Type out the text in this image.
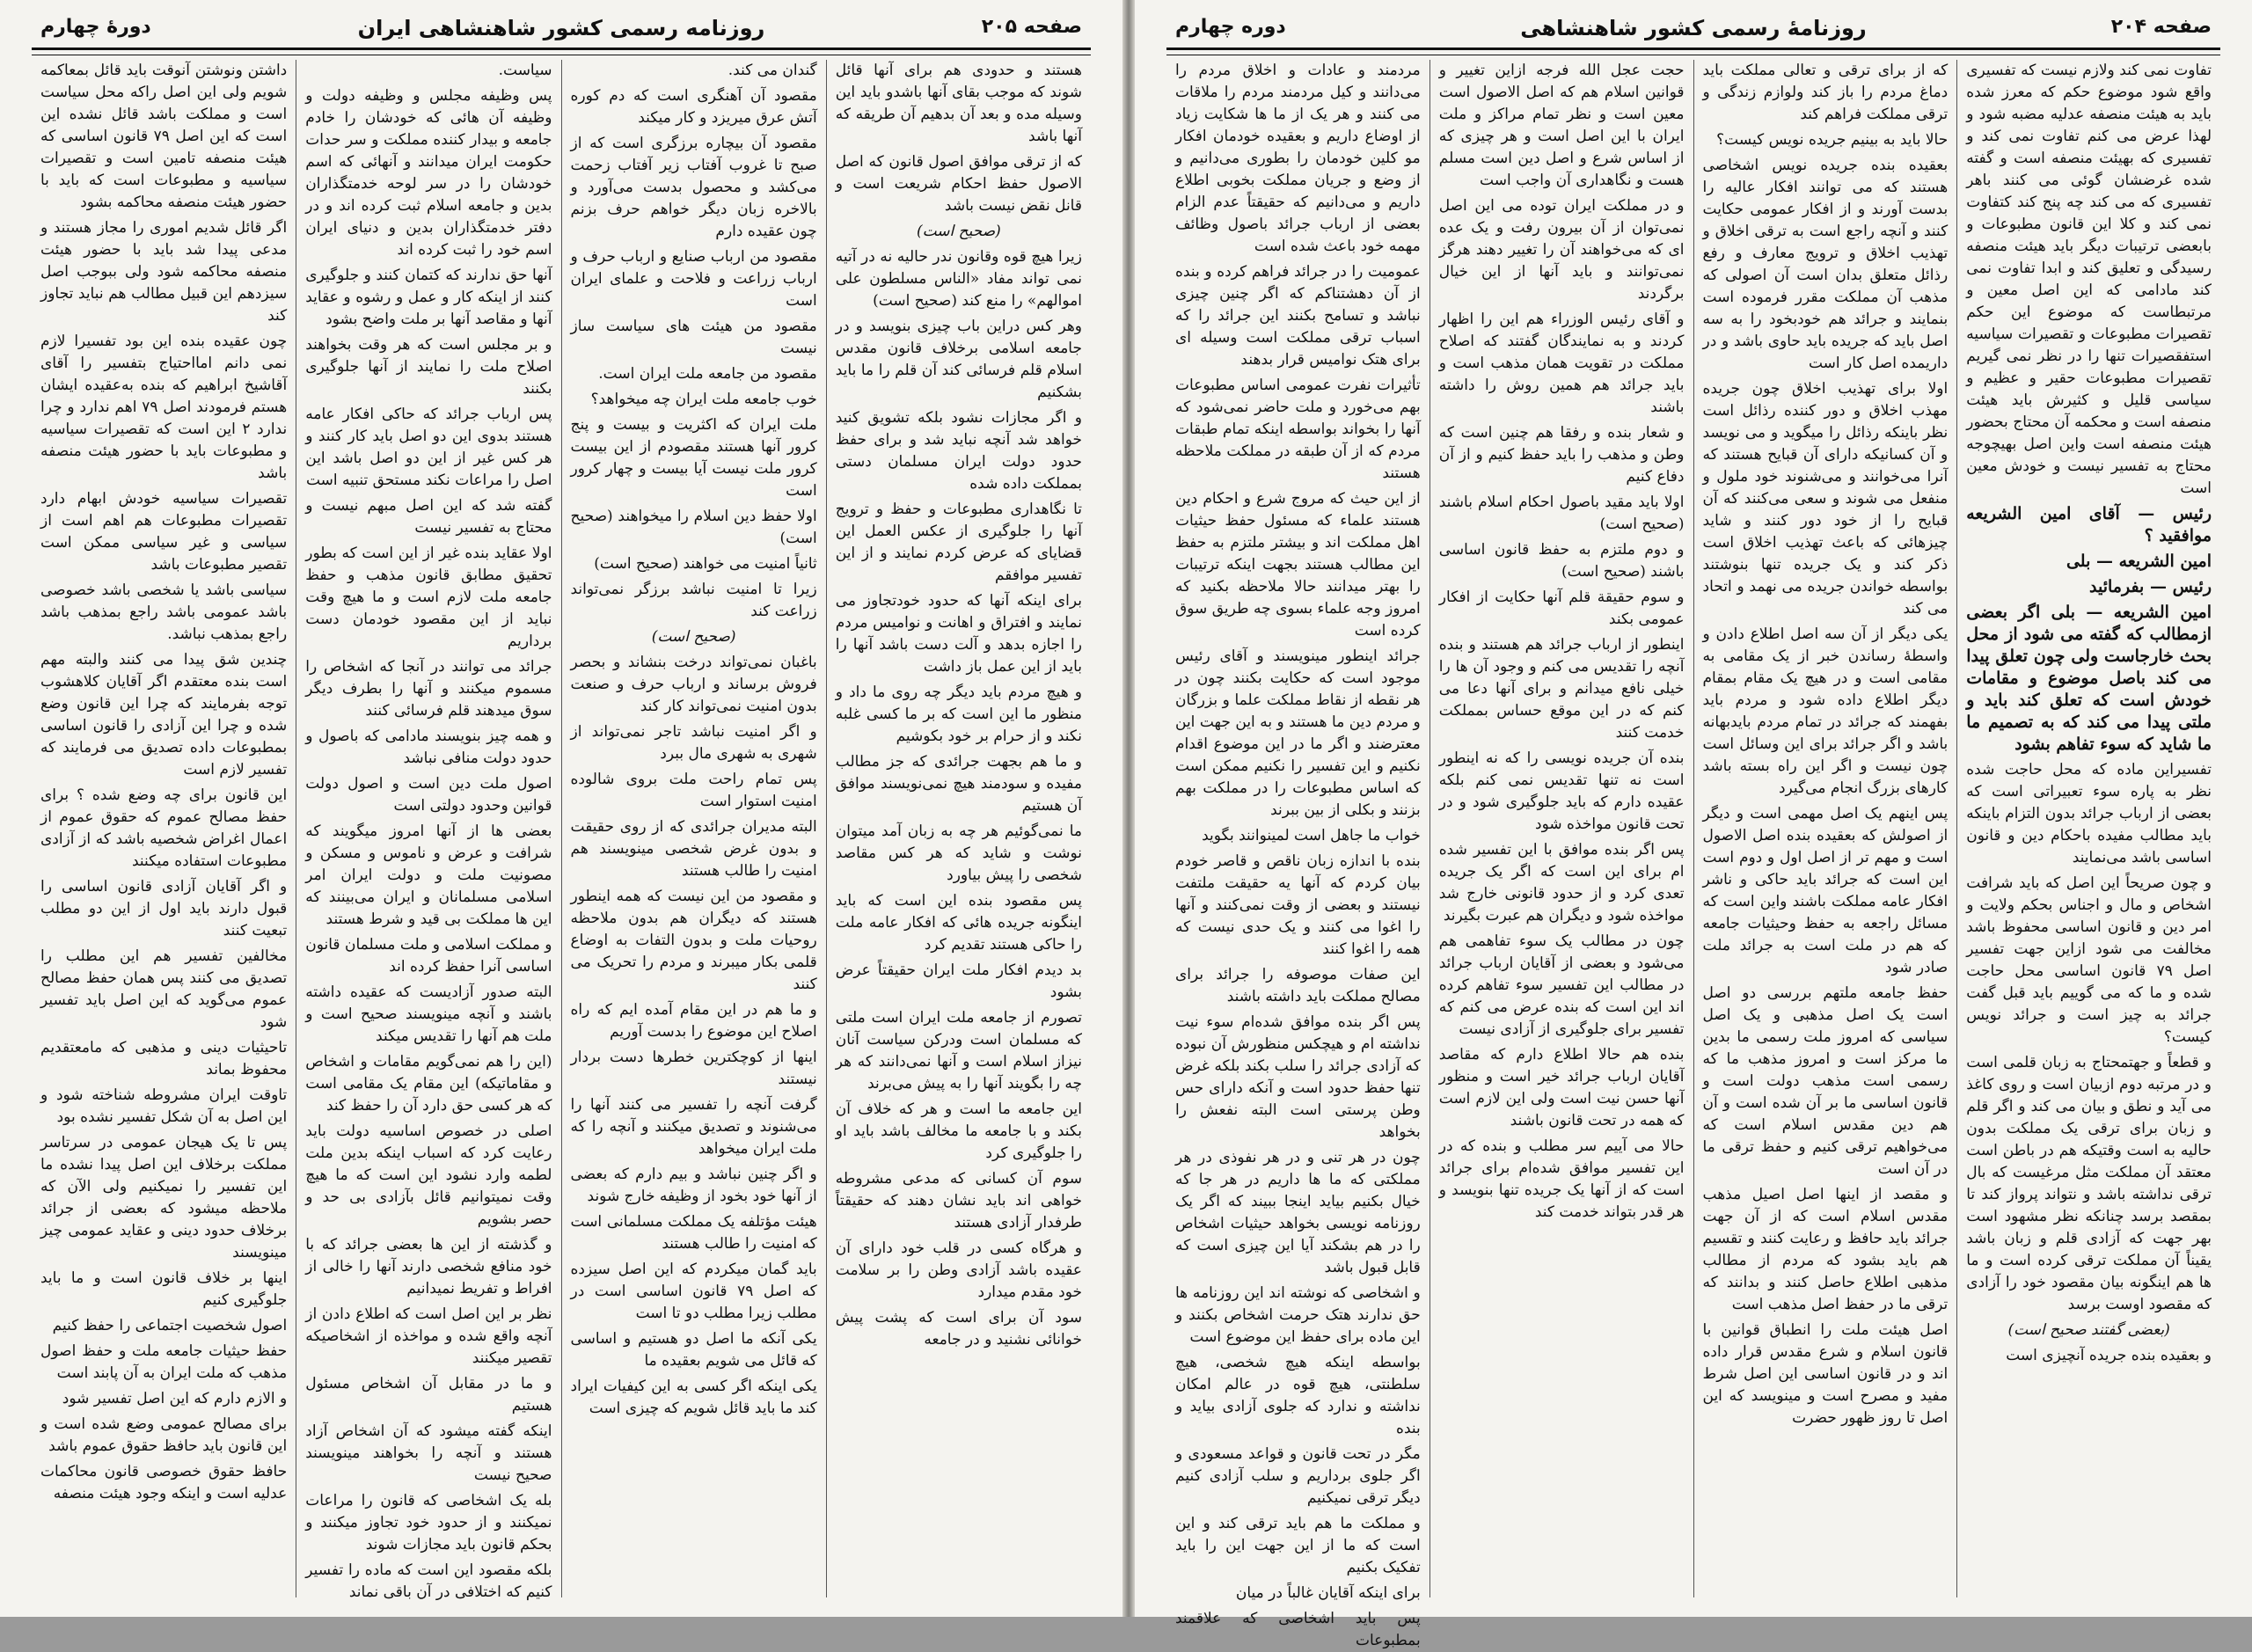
صفحه ۲۰۵
روزنامه رسمی کشور شاهنشاهی ایران
دورهٔ چهارم

هستند و حدودی هم برای آنها قائل شوند که موجب بقای آنها باشدو باید این وسیله مده و بعد آن بدهیم آن طریقه که آنها باشد

که از ترقی موافق اصول قانون که اصل الاصول حفظ احکام شریعت است و قانل نقض نیست باشد

(صحیح است)

زیرا هیچ قوه وقانون ندر حالیه نه در آتیه نمی تواند مفاد «الناس مسلطون علی اموالهم» را منع کند (صحیح است)

وهر کس دراین باب چیزی بنویسد و در جامعه اسلامی برخلاف قانون مقدس اسلام قلم فرسائی کند آن قلم را ما باید بشکنیم

و اگر مجازات نشود بلکه تشویق کنید خواهد شد آنچه نباید شد و برای حفظ حدود دولت ایران مسلمان دستی بمملکت داده شده

تا نگاهداری مطبوعات و حفظ و ترویج آنها را جلوگیری از عکس العمل این قضایای که عرض کردم نمایند و از این تفسیر موافقم

برای اینکه آنها که حدود خودتجاوز می نمایند و افتراق و اهانت و نوامیس مردم را اجازه بدهد و آلت دست باشد آنها را باید از این عمل باز داشت

و هیچ مردم باید دیگر چه روی ما داد و منظور ما این است که بر ما کسی غلبه نکند و از حرام بر خود بکوشیم

و ما هم بجهت جرائدی که جز مطالب مفیده و سودمند هیچ نمی‌نویسند موافق آن هستیم

ما نمی‌گوئیم هر چه به زبان آمد میتوان نوشت و شاید که هر کس مقاصد شخصی را پیش بیاورد

پس مقصود بنده این است که باید اینگونه جریده هائی که افکار عامه ملت را حاکی هستند تقدیم کرد

بد دیدم افکار ملت ایران حقیقتاً عرض بشود

تصورم از جامعه ملت ایران است ملتی که مسلمان است ودرکن سیاست آنان نیزاز اسلام است و آنها نمی‌دانند که هر چه را بگویند آنها را به پیش می‌برند

این جامعه ما است و هر که خلاف آن بکند و با جامعه ما مخالف باشد باید او را جلوگیری کرد

سوم آن کسانی که مدعی مشروطه خواهی اند باید نشان دهند که حقیقتاً طرفدار آزادی هستند

و هرگاه کسی در قلب خود دارای آن عقیده باشد آزادی وطن را بر سلامت خود مقدم میدارد

سود آن برای است که پشت پیش خوانائی نشنید و در جامعه

گندان می کند.

مقصود آن آهنگری است که دم کوره آتش عرق میریزد و کار میکند

مقصود آن بیچاره برزگری است که از صبح تا غروب آفتاب زیر آفتاب زحمت می‌کشد و محصول بدست می‌آورد و بالاخره زبان دیگر خواهم حرف بزنم چون عقیده دارم

مقصود من ارباب صنایع و ارباب حرف و ارباب زراعت و فلاحت و علمای ایران است

مقصود من هیئت های سیاست ساز نیست

مقصود من جامعه ملت ایران است.

خوب جامعه ملت ایران چه میخواهد؟

ملت ایران که اکثریت و بیست و پنج کرور آنها هستند مقصودم از این بیست کرور ملت نیست آیا بیست و چهار کرور است

اولا حفظ دین اسلام را میخواهند (صحیح است)

ثانیاً امنیت می خواهند (صحیح است)

زیرا تا امنیت نباشد برزگر نمی‌تواند زراعت کند

(صحیح است)

باغبان نمی‌تواند درخت بنشاند و بحصر فروش برساند و ارباب حرف و صنعت بدون امنیت نمی‌تواند کار کند

و اگر امنیت نباشد تاجر نمی‌تواند از شهری به شهری مال ببرد

پس تمام راحت ملت بروی شالوده امنیت استوار است

البته مدیران جرائدی که از روی حقیقت و بدون غرض شخصی مینویسند هم امنیت را طالب هستند

و مقصود من این نیست که همه اینطور هستند که دیگران هم بدون ملاحظه روحیات ملت و بدون التفات به اوضاع قلمی بکار میبرند و مردم را تحریک می کنند

و ما هم در این مقام آمده ایم که راه اصلاح این موضوع را بدست آوریم

اینها از کوچکترین خطرها دست بردار نیستند

گرفت آنچه را تفسیر می کنند آنها را می‌شنوند و تصدیق میکنند و آنچه را که ملت ایران میخواهد

و اگر چنین نباشد و بیم دارم که بعضی از آنها خود بخود از وظیفه خارج شوند

هیئت مؤتلفه یک مملکت مسلمانی است که امنیت را طالب هستند

باید گمان میکردم که این اصل سیزده که اصل ۷۹ قانون اساسی است در مطلب زیرا مطلب دو تا است

یکی آنکه ما اصل دو هستیم و اساسی که قائل می شویم بعقیده ما

یکی اینکه اگر کسی به این کیفیات ایراد کند ما باید قائل شویم که چیزی است

سیاست.

پس وظیفه مجلس و وظیفه دولت و وظیفه آن هائی که خودشان را خادم جامعه و بیدار کننده مملکت و سر حدات حکومت ایران میدانند و آنهائی که اسم خودشان را در سر لوحه خدمتگذاران بدین و جامعه اسلام ثبت کرده اند و در دفتر خدمتگذاران بدین و دنیای ایران اسم خود را ثبت کرده اند

آنها حق ندارند که کتمان کنند و جلوگیری کنند از اینکه کار و عمل و رشوه و عقاید آنها و مقاصد آنها بر ملت واضح بشود

و بر مجلس است که هر وقت بخواهند اصلاح ملت را نمایند از آنها جلوگیری بکنند

پس ارباب جرائد که حاکی افکار عامه هستند بدوی این دو اصل باید کار کنند و هر کس غیر از این دو اصل باشد این اصل را مراعات نکند مستحق تنبیه است

گفته شد که این اصل مبهم نیست و محتاج به تفسیر نیست

اولا عقاید بنده غیر از این است که بطور تحقیق مطابق قانون مذهب و حفظ جامعه ملت لازم است و ما هیچ وقت نباید از این مقصود خودمان دست برداریم

جرائد می توانند در آنجا که اشخاص را مسموم میکنند و آنها را بطرف دیگر سوق میدهند قلم فرسائی کنند

و همه چیز بنویسند مادامی که باصول و حدود دولت منافی نباشد

اصول ملت دین است و اصول دولت قوانین وحدود دولتی است

بعضی ها از آنها امروز میگویند که شرافت و عرض و ناموس و مسکن و مصونیت ملت و دولت ایران امر اسلامی مسلمانان و ایران می‌بینند که این ها مملکت بی قید و شرط هستند

و مملکت اسلامی و ملت مسلمان قانون اساسی آنرا حفظ کرده اند

البته صدور آزادیست که عقیده داشته باشند و آنچه مینویسند صحیح است و ملت هم آنها را تقدیس میکند

(این را هم نمی‌گویم مقامات و اشخاص و مقاماتیکه) این مقام یک مقامی است که هر کسی حق دارد آن را حفظ کند

اصلی در خصوص اساسیه دولت باید رعایت کرد که اسباب اینکه بدین ملت لطمه وارد نشود این است که ما هیچ وقت نمیتوانیم قائل بآزادی بی حد و حصر بشویم

و گذشته از این ها بعضی جرائد که با خود منافع شخصی دارند آنها را خالی از افراط و تفریط نمیدانیم

نظر بر این اصل است که اطلاع دادن از آنچه واقع شده و مواخذه از اشخاصیکه تقصیر میکنند

و ما در مقابل آن اشخاص مسئول هستیم

اینکه گفته میشود که آن اشخاص آزاد هستند و آنچه را بخواهند مینویسند صحیح نیست

بله یک اشخاصی که قانون را مراعات نمیکنند و از حدود خود تجاوز میکنند و بحکم قانون باید مجازات شوند

بلکه مقصود این است که ماده را تفسیر کنیم که اختلافی در آن باقی نماند

داشتن ونوشتن آنوقت باید قائل بمعاکمه شویم ولی این اصل راکه محل سیاست است و مملکت باشد قائل نشده این است که این اصل ۷۹ قانون اساسی که هیئت منصفه تامین است و تقصیرات سیاسیه و مطبوعات است که باید با حضور هیئت منصفه محاکمه بشود

اگر قائل شدیم اموری را مجاز هستند و مدعی پیدا شد باید با حضور هیئت منصفه محاکمه شود ولی ببوجب اصل سیزدهم این قبیل مطالب هم نباید تجاوز کند

چون عقیده بنده این بود تفسیرا لازم نمی دانم امااحتیاج بتفسیر را آقای آقاشیخ ابراهیم که بنده به‌عقیده ایشان هستم فرمودند اصل ۷۹ اهم ندارد و چرا ندارد ۲ این است که تقصیرات سیاسیه و مطبوعات باید با حضور هیئت منصفه باشد

تقصیرات سیاسیه خودش ابهام دارد تقصیرات مطبوعات هم اهم است از سیاسی و غیر سیاسی ممکن است تقصیر مطبوعات باشد

سیاسی باشد یا شخصی باشد خصوصی باشد عمومی باشد راجع بمذهب باشد راجع بمذهب نباشد.

چندین شق پیدا می کنند والبته مهم است بنده معتقدم اگر آقایان کلاهشوب توجه بفرمایند که چرا این قانون وضع شده و چرا این آزادی را قانون اساسی بمطبوعات داده تصدیق می فرمایند که تفسیر لازم است

این قانون برای چه وضع شده ؟ برای حفظ مصالح عموم که حقوق عموم از اعمال اغراض شخصیه باشد که از آزادی مطبوعات استفاده میکنند

و اگر آقایان آزادی قانون اساسی را قبول دارند باید اول از این دو مطلب تبعیت کنند

مخالفین تفسیر هم این مطلب را تصدیق می کنند پس همان حفظ مصالح عموم می‌گوید که این اصل باید تفسیر شود

تاحیثیات دینی و مذهبی که مامعتقدیم محفوظ بماند

تاوقت ایران مشروطه شناخته شود و این اصل به آن شکل تفسیر نشده بود

پس تا یک هیجان عمومی در سرتاسر مملکت برخلاف این اصل پیدا نشده ما این تفسیر را نمیکنیم ولی الآن که ملاحظه میشود که بعضی از جرائد برخلاف حدود دینی و عقاید عمومی چیز مینویسند

اینها بر خلاف قانون است و ما باید جلوگیری کنیم

اصول شخصیت اجتماعی را حفظ کنیم

حفظ حیثیات جامعه ملت و حفظ اصول مذهب که ملت ایران به آن پابند است

و الازم دارم که این اصل تفسیر شود

برای مصالح عمومی وضع شده است و این قانون باید حافظ حقوق عموم باشد

حافظ حقوق خصوصی قانون محاکمات عدلیه است و اینکه وجود هیئت منصفه

صفحه ۲۰۴
روزنامهٔ رسمی کشور شاهنشاهی
دوره چهارم

تفاوت نمی کند ولازم نیست که تفسیری واقع شود موضوع حکم که معرز شده باید به هیئت منصفه عدلیه مضبه شود و لهذا عرض می کنم تفاوت نمی کند و تفسیری که بهیئت منصفه است و گفته شده غرضشان گوئی می کنند باهر تفسیری که می کند چه پنج کند کتفاوت نمی کند و کلا این قانون مطبوعات و بابعضی ترتیبات دیگر باید هیئت منصفه رسیدگی و تعلیق کند و ابدا تفاوت نمی کند مادامی که این اصل معین و مرتبطاست که موضوع این حکم تقصیرات مطبوعات و تقصیرات سیاسیه استفقصیرات تنها را در نظر نمی گیریم تقصیرات مطبوعات حقیر و عظیم و سیاسی قلیل و کثیرش باید هیئت منصفه است و محکمه آن محتاج بحضور هیئت منصفه است واین اصل بهیچوجه محتاج به تفسیر نیست و خودش معین است

رئیس — آقای امین الشریعه موافقید ؟

امین الشریعه — بلی

رئیس — بفرمائید

امین الشریعه — بلی اگر بعضی ازمطالب که گفته می شود از محل بحث خارجاست ولی چون تعلق پیدا می کند باصل موضوع و مقامات خودش است که تعلق کند باید و ملتی پیدا می کند که به تصمیم ما ما شاید که سوء تفاهم بشود

تفسیراین ماده که محل حاجت شده نظر به پاره سوء تعبیراتی است که بعضی از ارباب جرائد بدون التزام باینکه باید مطالب مفیده باحکام دین و قانون اساسی باشد می‌نمایند

و چون صریحاً این اصل که باید شرافت اشخاص و مال و اجناس بحکم ولایت و امر دین و قانون اساسی محفوظ باشد مخالفت می شود ازاین جهت تفسیر اصل ۷۹ قانون اساسی محل حاجت شده و ما که می گوییم باید قبل گفت جرائد به چیز است و جرائد نویس کیست؟

و قطعاً و جهتمحتاج به زبان قلمی است و در مرتبه دوم ازبیان است و روی کاغذ می آید و نطق و بیان می کند و اگر قلم و زبان برای ترقی یک مملکت بدون حالیه به است وقتیکه هم در باطن است معتقد آن مملکت مثل مرغیست که بال ترقی نداشته باشد و نتواند پرواز کند تا بمقصد برسد چنانکه نظر مشهود است بهر جهت که آزادی قلم و زبان باشد یقیناً آن مملکت ترقی کرده است و ما ها هم اینگونه بیان مقصود خود را آزادی که مقصود اوست برسد

(بعضی گفتند صحیح است)

و بعقیده بنده جریده آنچیزی است

که از برای ترقی و تعالی مملکت باید دماغ مردم را باز کند ولوازم زندگی و ترقی مملکت فراهم کند

حالا باید به بینیم جریده نویس کیست؟

بعقیده بنده جریده نویس اشخاصی هستند که می توانند افکار عالیه را بدست آورند و از افکار عمومی حکایت کنند و آنچه راجع است به ترقی اخلاق و تهذیب اخلاق و ترویج معارف و رفع رذائل متعلق بدان است آن اصولی که مذهب آن مملکت مقرر فرموده است بنمایند و جرائد هم خودبخود را به سه اصل باید که جریده باید حاوی باشد و در داریمده اصل کار است

اولا برای تهذیب اخلاق چون جریده مهذب اخلاق و دور کننده رذائل است نظر باینکه رذائل را میگوید و می نویسد و آن کسانیکه دارای آن قبایح هستند که آنرا می‌خوانند و می‌شنوند خود ملول و منفعل می شوند و سعی می‌کنند که آن قبایح را از خود دور کنند و شاید چیزهائی که باعث تهذیب اخلاق است ذکر کند و یک جریده تنها بنوشتند بواسطه خواندن جریده می نهمد و اتحاد می کند

یکی دیگر از آن سه اصل اطلاع دادن و واسطهٔ رساندن خبر از یک مقامی به مقامی است و در هیچ یک مقام بمقام دیگر اطلاع داده شود و مردم باید بفهمند که جرائد در تمام مردم بایدبهانه باشد و اگر جرائد برای این وسائل است چون نیست و اگر این راه بسته باشد کارهای بزرگ انجام می‌گیرد

پس اینهم یک اصل مهمی است و دیگر از اصولش که بعقیده بنده اصل الاصول است و مهم تر از اصل اول و دوم است این است که جرائد باید حاکی و ناشر افکار عامه مملکت باشند واین است که مسائل راجعه به حفظ وحیثیات جامعه که هم در ملت است به جرائد ملت صادر شود

حفظ جامعه ملتهم بررسی دو اصل است یک اصل مذهبی و یک اصل سیاسی که امروز ملت رسمی ما بدین ما مرکز است و امروز مذهب ما که رسمی است مذهب دولت است و قانون اساسی ما بر آن شده است و آن هم دین مقدس اسلام است که می‌خواهیم ترقی کنیم و حفظ ترقی ما در آن است

و مقصد از اینها اصل اصیل مذهب مقدس اسلام است که از آن جهت جرائد باید حافظ و رعایت کنند و تقسیم هم باید بشود که مردم از مطالب مذهبی اطلاع حاصل کنند و بدانند که ترقی ما در حفظ اصل مذهب است

اصل هیئت ملت را انطباق قوانین با قانون اسلام و شرع مقدس قرار داده اند و در قانون اساسی این اصل شرط مفید و مصرح است و مینویسد که این اصل تا روز ظهور حضرت

حجت عجل الله فرجه ازاین تغییر و قوانین اسلام هم که اصل الاصول است معین است و نظر تمام مراکز و ملت ایران با این اصل است و هر چیزی که از اساس شرع و اصل دین است مسلم هست و نگاهداری آن واجب است

و در مملکت ایران توده می این اصل نمی‌توان از آن بیرون رفت و یک عده ای که می‌خواهند آن را تغییر دهند هرگز نمی‌توانند و باید آنها از این خیال برگردند

و آقای رئیس الوزراء هم این را اظهار کردند و به نمایندگان گفتند که اصلاح مملکت در تقویت همان مذهب است و باید جرائد هم همین روش را داشته باشند

و شعار بنده و رفقا هم چنین است که وطن و مذهب را باید حفظ کنیم و از آن دفاع کنیم

اولا باید مقید باصول احکام اسلام باشند (صحیح است)

و دوم ملتزم به حفظ قانون اساسی باشند (صحیح است)

و سوم حقیقة قلم آنها حکایت از افکار عمومی بکند

اینطور از ارباب جرائد هم هستند و بنده آنچه را تقدیس می کنم و وجود آن ها را خیلی نافع میدانم و برای آنها دعا می کنم که در این موقع حساس بمملکت خدمت کنند

بنده آن جریده نویسی را که نه اینطور است نه تنها تقدیس نمی کنم بلکه عقیده دارم که باید جلوگیری شود و در تحت قانون مواخذه شود

پس اگر بنده موافق با این تفسیر شده ام برای این است که اگر یک جریده تعدی کرد و از حدود قانونی خارج شد مواخذه شود و دیگران هم عبرت بگیرند

چون در مطالب یک سوء تفاهمی هم می‌شود و بعضی از آقایان ارباب جرائد در مطالب این تفسیر سوء تفاهم کرده اند این است که بنده عرض می کنم که تفسیر برای جلوگیری از آزادی نیست

بنده هم حالا اطلاع دارم که مقاصد آقایان ارباب جرائد خیر است و منظور آنها حسن نیت است ولی این لازم است که همه در تحت قانون باشند

حالا می آییم سر مطلب و بنده که در این تفسیر موافق شده‌ام برای جرائد است که از آنها یک جریده تنها بنویسد و هر قدر بتواند خدمت کند

مردمند و عادات و اخلاق مردم را می‌دانند و کیل مردمند مردم را ملاقات می کنند و هر یک از ما ها شکایت زیاد از اوضاع داریم و بعقیده خودمان افکار مو کلین خودمان را بطوری می‌دانیم و از وضع و جریان مملکت بخوبی اطلاع داریم و می‌دانیم که حقیقتاً عدم الزام بعضی از ارباب جرائد باصول وظائف مهمه خود باعث شده است

عمومیت را در جرائد فراهم کرده و بنده از آن دهشتناکم که اگر چنین چیزی نباشد و تسامح بکنند این جرائد را که اسباب ترقی مملکت است وسیله ای برای هتک نوامیس قرار بدهند

تأثیرات نفرت عمومی اساس مطبوعات بهم می‌خورد و ملت حاضر نمی‌شود که آنها را بخواند بواسطه اینکه تمام طبقات مردم که از آن طبقه در مملکت ملاحظه هستند

از این حیث که مروج شرع و احکام دین هستند علماء که مسئول حفظ حیثیات اهل مملکت اند و بیشتر ملتزم به حفظ این مطالب هستند بجهت اینکه ترتیبات را بهتر میدانند حالا ملاحظه بکنید که امروز وجه علماء بسوی چه طریق سوق کرده است

جرائد اینطور مینویسند و آقای رئیس موجود است که حکایت بکنند چون در هر نقطه از نقاط مملکت علما و بزرگان و مردم دین ما هستند و به این جهت این معترضند و اگر ما در این موضوع اقدام نکنیم و این تفسیر را نکنیم ممکن است که اساس مطبوعات را در مملکت بهم بزنند و بکلی از بین ببرند

خواب ما جاهل است لمینوانند بگوید

بنده با اندازه زبان ناقص و قاصر خودم بیان کردم که آنها یه حقیقت ملتفت نیستند و بعضی از وقت نمی‌کنند و آنها را اغوا می کنند و یک حدی نیست که همه را اغوا کنند

این صفات موصوفه را جرائد برای مصالح مملکت باید داشته باشند

پس اگر بنده موافق شده‌ام سوء نیت نداشته ام و هیچکس منظورش آن نبوده که آزادی جرائد را سلب بکند بلکه غرض تنها حفظ حدود است و آنکه دارای حس وطن پرستی است البته نفعش را بخواهد

چون در هر تنی و در هر نفوذی در هر مملکتی که ما ها داریم در هر جا که خیال بکنیم بیاید اینجا ببیند که اگر یک روزنامه نویسی بخواهد حیثیات اشخاص را در هم بشکند آیا این چیزی است که قابل قبول باشد

و اشخاصی که نوشته اند این روزنامه ها حق ندارند هتک حرمت اشخاص بکنند و این ماده برای حفظ این موضوع است

بواسطه اینکه هیچ شخصی، هیچ سلطنتی، هیچ قوه در عالم امکان نداشته و ندارد که جلوی آزادی بیاید و بنده

مگر در تحت قانون و قواعد مسعودی و اگر جلوی برداریم و سلب آزادی کنیم دیگر ترقی نمیکنیم

و مملکت ما هم باید ترقی کند و این است که ما از این جهت این را باید تفکیک بکنیم

برای اینکه آقایان غالباً در میان

پس باید اشخاصی که علاقمند بمطبوعات
